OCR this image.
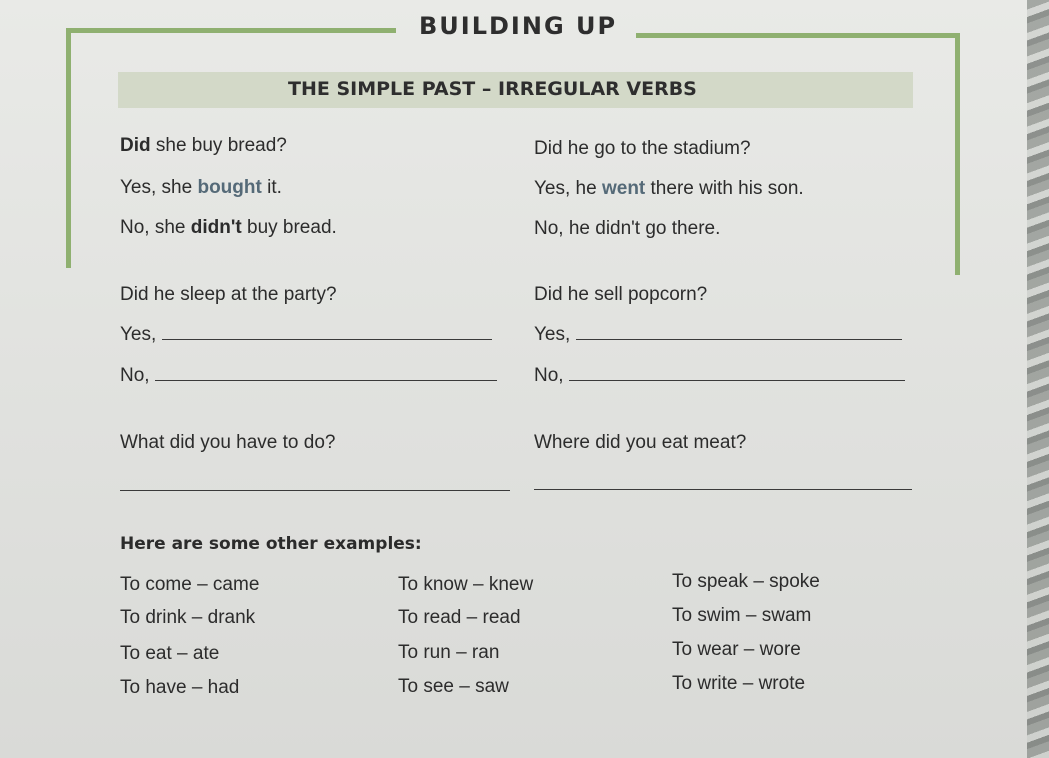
BUILDING UP
THE SIMPLE PAST – IRREGULAR VERBS
Did she buy bread?
Yes, she bought it.
No, she didn't buy bread.
Did he go to the stadium?
Yes, he went there with his son.
No, he didn't go there.
Did he sleep at the party?	Did he sell popcorn?
Yes,	Yes,
No,	No,
What did you have to do?	Where did you eat meat?
Here are some other examples:
To come – came
To drink – drank
To eat – ate
To have – had
To know – knew
To read – read
To run – ran
To see – saw
To speak – spoke
To swim – swam
To wear – wore
To write – wrote
